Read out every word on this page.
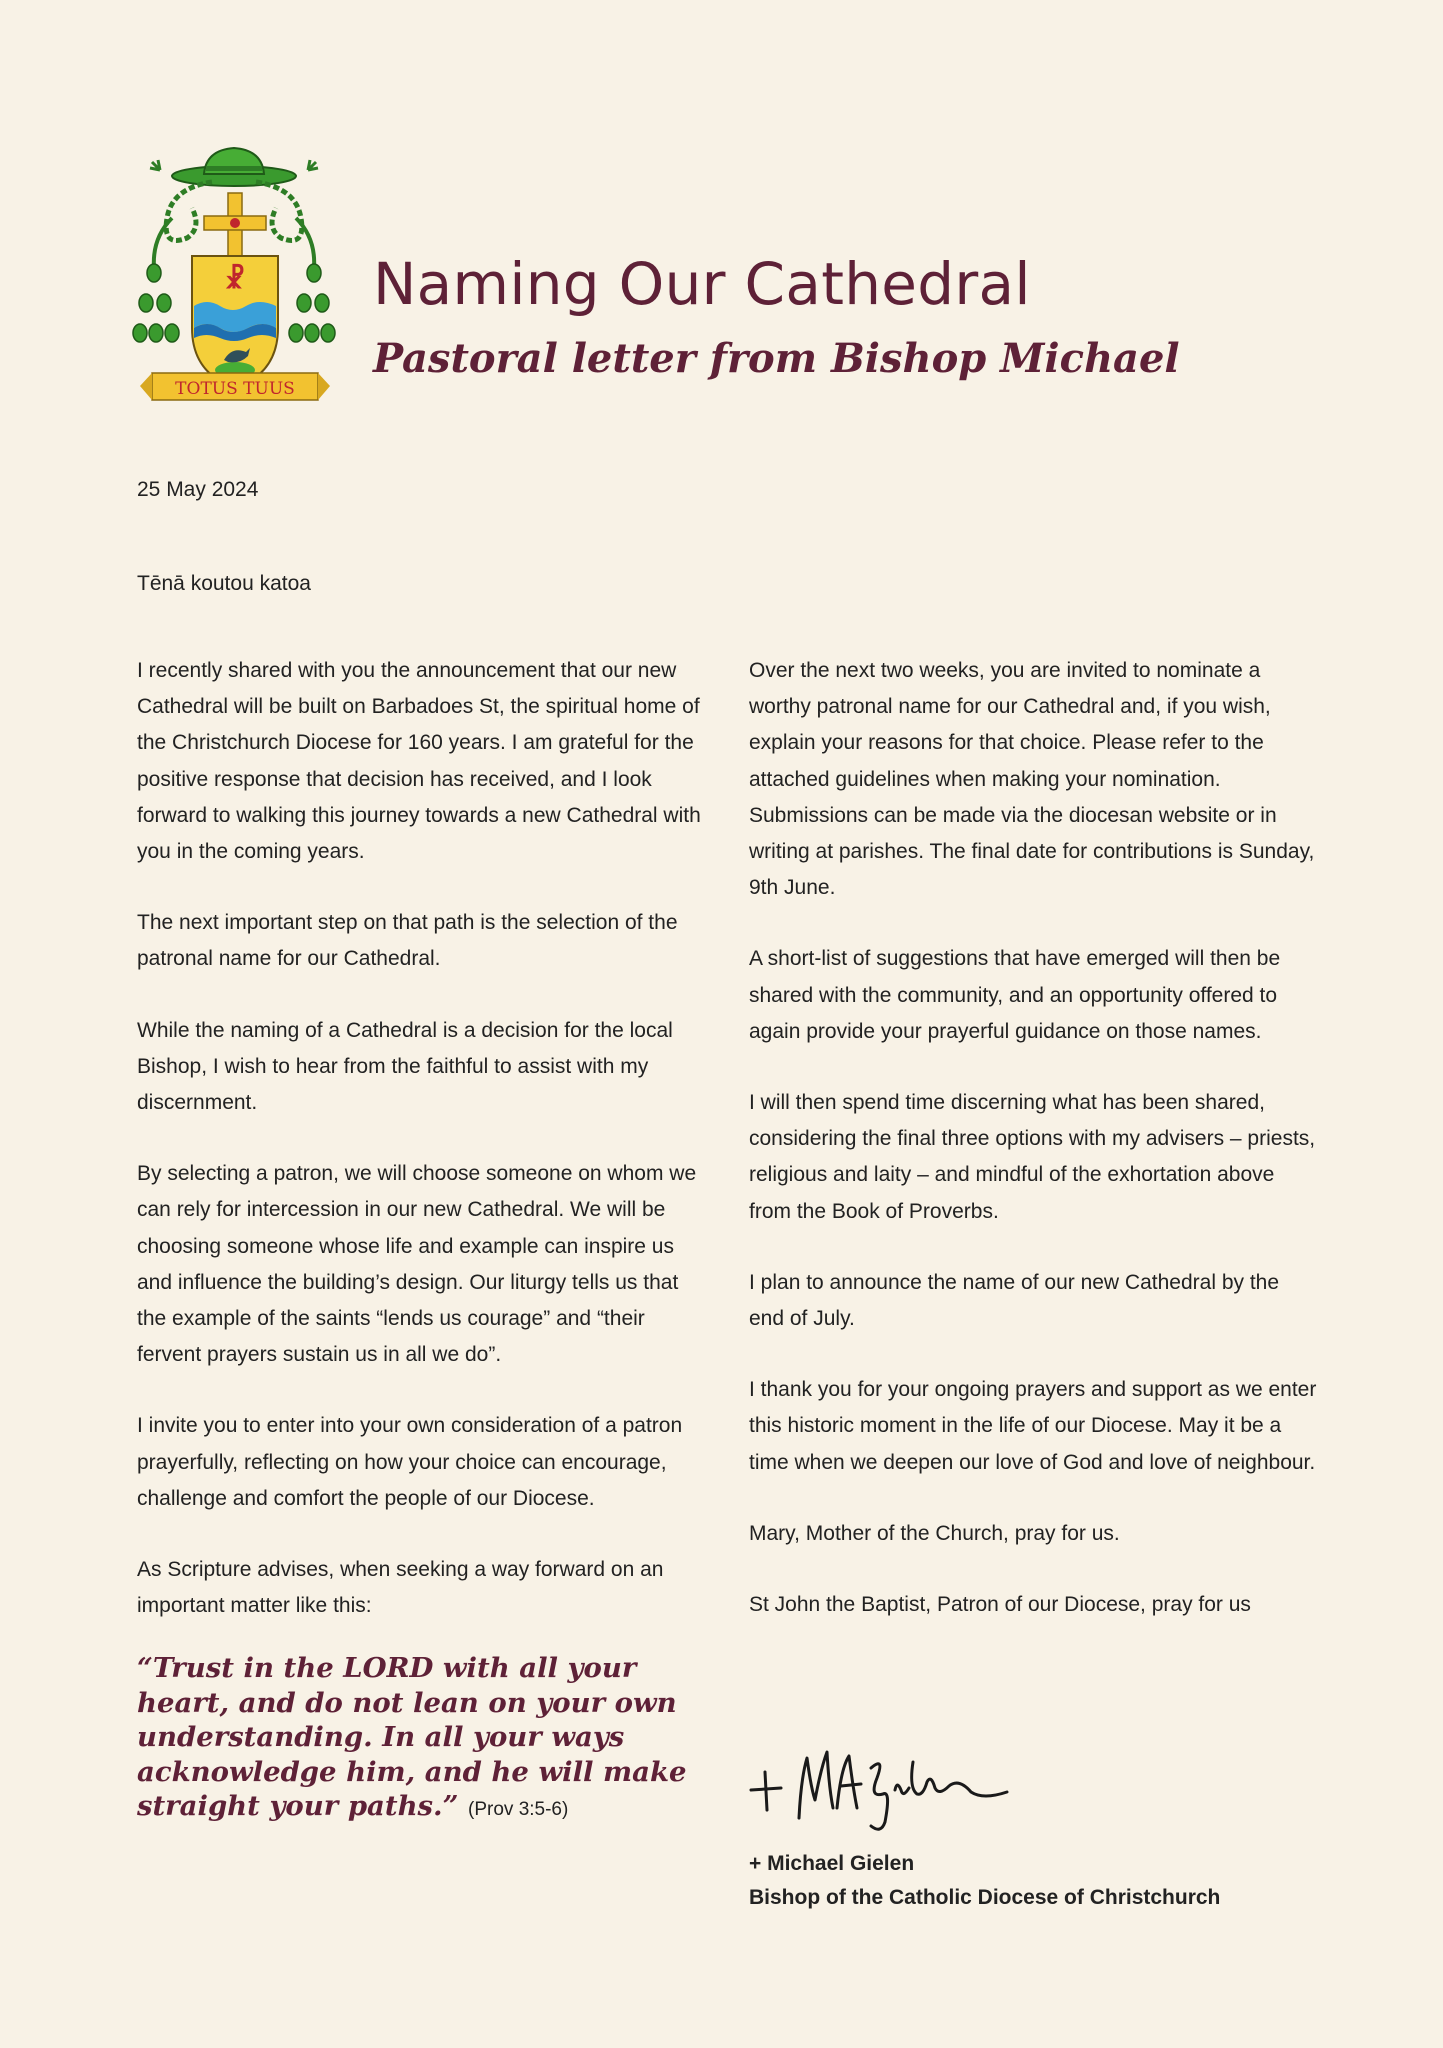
☧
TOTUS TUUS
Naming Our Cathedral
Pastoral letter from Bishop Michael
25 May 2024
Tēnā koutou katoa

I recently shared with you the announcement that our new Cathedral will be built on Barbadoes St, the spiritual home of the Christchurch Diocese for 160 years. I am grateful for the positive response that decision has received, and I look forward to walking this journey towards a new Cathedral with you in the coming years.

The next important step on that path is the selection of the patronal name for our Cathedral.

While the naming of a Cathedral is a decision for the local Bishop, I wish to hear from the faithful to assist with my discernment.

By selecting a patron, we will choose someone on whom we can rely for intercession in our new Cathedral. We will be choosing someone whose life and example can inspire us and influence the building’s design. Our liturgy tells us that the example of the saints “lends us courage” and “their fervent prayers sustain us in all we do”.

I invite you to enter into your own consideration of a patron prayerfully, reflecting on how your choice can encourage, challenge and comfort the people of our Diocese.

As Scripture advises, when seeking a way forward on an important matter like this:

“Trust in the LORD with all your heart, and do not lean on your own understanding. In all your ways acknowledge him, and he will make straight your paths.” (Prov 3:5-6)

Over the next two weeks, you are invited to nominate a worthy patronal name for our Cathedral and, if you wish, explain your reasons for that choice. Please refer to the attached guidelines when making your nomination. Submissions can be made via the diocesan website or in writing at parishes. The final date for contributions is Sunday, 9th June.

A short-list of suggestions that have emerged will then be shared with the community, and an opportunity offered to again provide your prayerful guidance on those names.

I will then spend time discerning what has been shared, considering the final three options with my advisers – priests, religious and laity – and mindful of the exhortation above from the Book of Proverbs.

I plan to announce the name of our new Cathedral by the end of July.

I thank you for your ongoing prayers and support as we enter this historic moment in the life of our Diocese. May it be a time when we deepen our love of God and love of neighbour.

Mary, Mother of the Church, pray for us.

St John the Baptist, Patron of our Diocese, pray for us

+ Michael Gielen
Bishop of the Catholic Diocese of Christchurch
